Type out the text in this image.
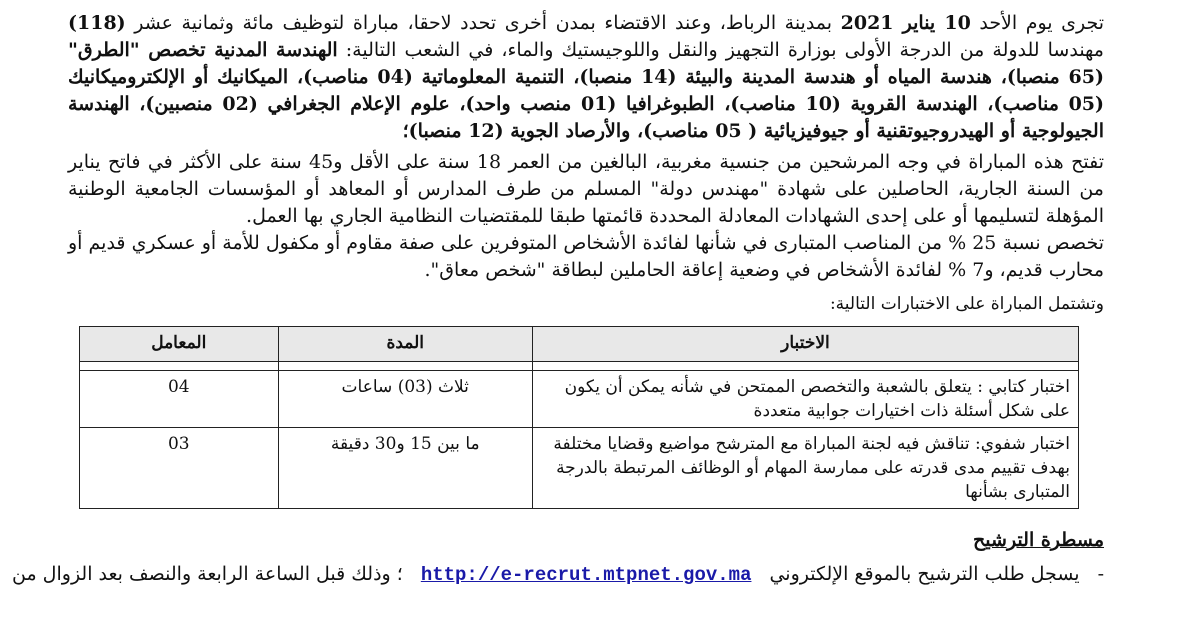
تجرى يوم الأحد 10 يناير 2021 بمدينة الرباط، وعند الاقتضاء بمدن أخرى تحدد لاحقا، مباراة لتوظيف مائة وثمانية عشر (118) مهندسا للدولة من الدرجة الأولى بوزارة التجهيز والنقل واللوجيستيك والماء، في الشعب التالية: الهندسة المدنية تخصص "الطرق"(65 منصبا)، هندسة المياه أو هندسة المدينة والبيئة (14 منصبا)، التنمية المعلوماتية (04 مناصب)، الميكانيك أو الإلكتروميكانيك (05 مناصب)، الهندسة القروية (10 مناصب)، الطبوغرافيا (01 منصب واحد)، علوم الإعلام الجغرافي (02 منصبين)، الهندسة الجيولوجية أو الهيدروجيوتقنية أو جيوفيزيائية ( 05 مناصب)، والأرصاد الجوية (12 منصبا)؛

تفتح هذه المباراة في وجه المرشحين من جنسية مغربية، البالغين من العمر 18 سنة على الأقل و45 سنة على الأكثر في فاتح يناير من السنة الجارية، الحاصلين على شهادة "مهندس دولة" المسلم من طرف المدارس أو المعاهد أو المؤسسات الجامعية الوطنية المؤهلة لتسليمها أو على إحدى الشهادات المعادلة المحددة قائمتها طبقا للمقتضيات النظامية الجاري بها العمل.
تخصص نسبة 25 % من المناصب المتبارى في شأنها لفائدة الأشخاص المتوفرين على صفة مقاوم أو مكفول للأمة أو عسكري قديم أو محارب قديم، و7 % لفائدة الأشخاص في وضعية إعاقة الحاملين لبطاقة "شخص معاق".

وتشتمل المباراة على الاختبارات التالية:
الاختبار	المدة	المعامل

اختبار كتابي : يتعلق بالشعبة والتخصص الممتحن في شأنه يمكن أن يكون على شكل أسئلة ذات اختيارات جوابية متعددة	ثلاث (03) ساعات	04
اختبار شفوي: تناقش فيه لجنة المباراة مع المترشح مواضيع وقضايا مختلفة بهدف تقييم مدى قدرته على ممارسة المهام أو الوظائف المرتبطة بالدرجة المتبارى بشأنها	ما بين 15 و30 دقيقة	03
مسطرة الترشيح
-
يسجل طلب الترشيح بالموقع الإلكتروني
http://e-recrut.mtpnet.gov.ma
؛ وذلك قبل الساعة الرابعة والنصف بعد الزوال من
